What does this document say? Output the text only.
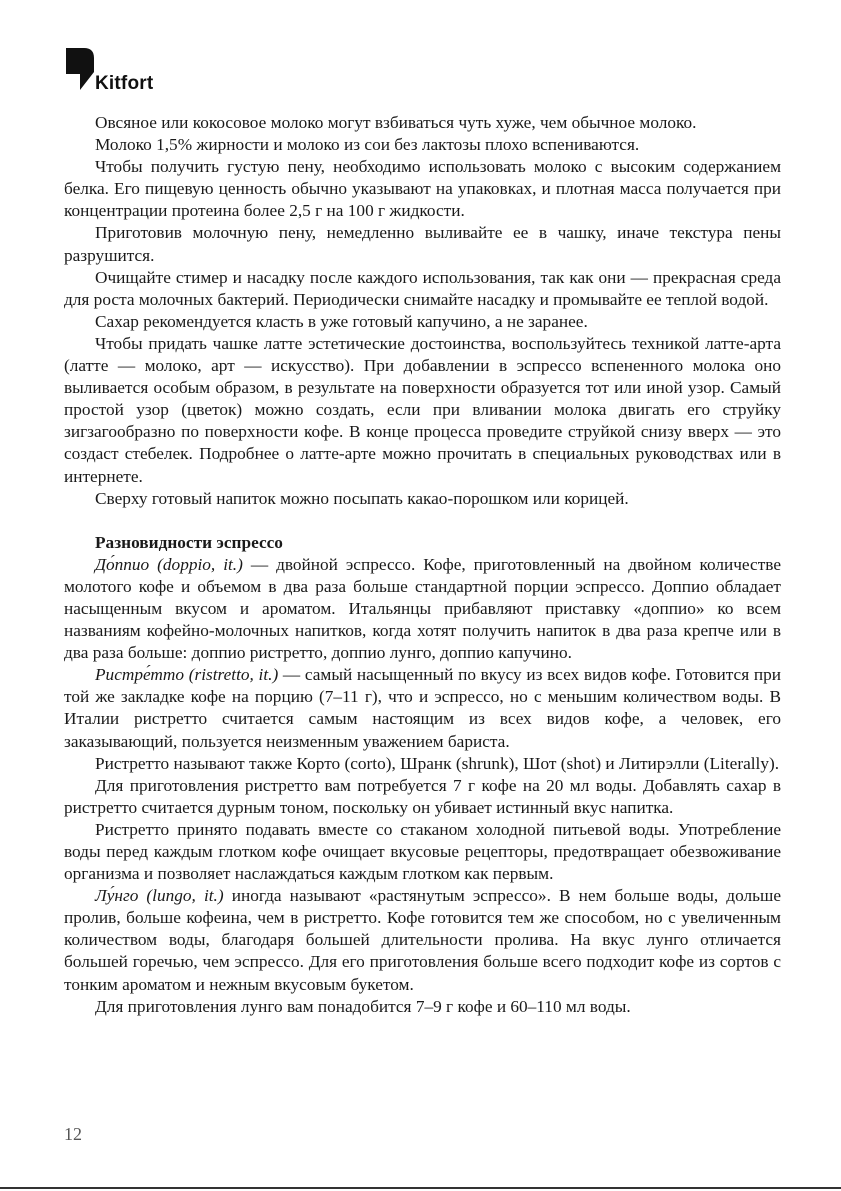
Kitfort

Овсяное или кокосовое молоко могут взбиваться чуть хуже, чем обычное молоко.

Молоко 1,5% жирности и молоко из сои без лактозы плохо вспениваются.

Чтобы получить густую пену, необходимо использовать молоко с высоким содержанием белка. Его пищевую ценность обычно указывают на упаковках, и плотная масса получается при концентрации протеина более 2,5 г на 100 г жидкости.

Приготовив молочную пену, немедленно выливайте ее в чашку, иначе текстура пены разрушится.

Очищайте стимер и насадку после каждого использования, так как они — прекрасная среда для роста молочных бактерий. Периодически снимайте насадку и промывайте ее теплой водой.

Сахар рекомендуется класть в уже готовый капучино, а не заранее.

Чтобы придать чашке латте эстетические достоинства, воспользуйтесь техникой латте-арта (латте — молоко, арт — искусство). При добавлении в эспрессо вспененного молока оно выливается особым образом, в результате на поверхности образуется тот или иной узор. Самый простой узор (цветок) можно создать, если при вливании молока двигать его струйку зигзагообразно по поверхности кофе. В конце процесса проведите струйкой снизу вверх — это создаст стебелек. Подробнее о латте-арте можно прочитать в специальных руководствах или в интернете.

Сверху готовый напиток можно посыпать какао-порошком или корицей.

Разновидности эспрессо

До́ппио (doppio, it.) — двойной эспрессо. Кофе, приготовленный на двойном количестве молотого кофе и объемом в два раза больше стандартной порции эспрессо. Доппио обладает насыщенным вкусом и ароматом. Итальянцы прибавляют приставку «доппио» ко всем названиям кофейно-молочных напитков, когда хотят получить напиток в два раза крепче или в два раза больше: доппио ристретто, доппио лунго, доппио капучино.

Ристре́тто (ristretto, it.) — самый насыщенный по вкусу из всех видов кофе. Готовится при той же закладке кофе на порцию (7–11 г), что и эспрессо, но с меньшим количеством воды. В Италии ристретто считается самым настоящим из всех видов кофе, а человек, его заказывающий, пользуется неизменным уважением бариста.

Ристретто называют также Корто (corto), Шранк (shrunk), Шот (shot) и Литирэлли (Literally).

Для приготовления ристретто вам потребуется 7 г кофе на 20 мл воды. Добавлять сахар в ристретто считается дурным тоном, поскольку он убивает истинный вкус напитка.

Ристретто принято подавать вместе со стаканом холодной питьевой воды. Употребление воды перед каждым глотком кофе очищает вкусовые рецепторы, предотвращает обезвоживание организма и позволяет наслаждаться каждым глотком как первым.

Лу́нго (lungo, it.) иногда называют «растянутым эспрессо». В нем больше воды, дольше пролив, больше кофеина, чем в ристретто. Кофе готовится тем же способом, но с увеличенным количеством воды, благодаря большей длительности пролива. На вкус лунго отличается большей горечью, чем эспрессо. Для его приготовления больше всего подходит кофе из сортов с тонким ароматом и нежным вкусовым букетом.

Для приготовления лунго вам понадобится 7–9 г кофе и 60–110 мл воды.

12
